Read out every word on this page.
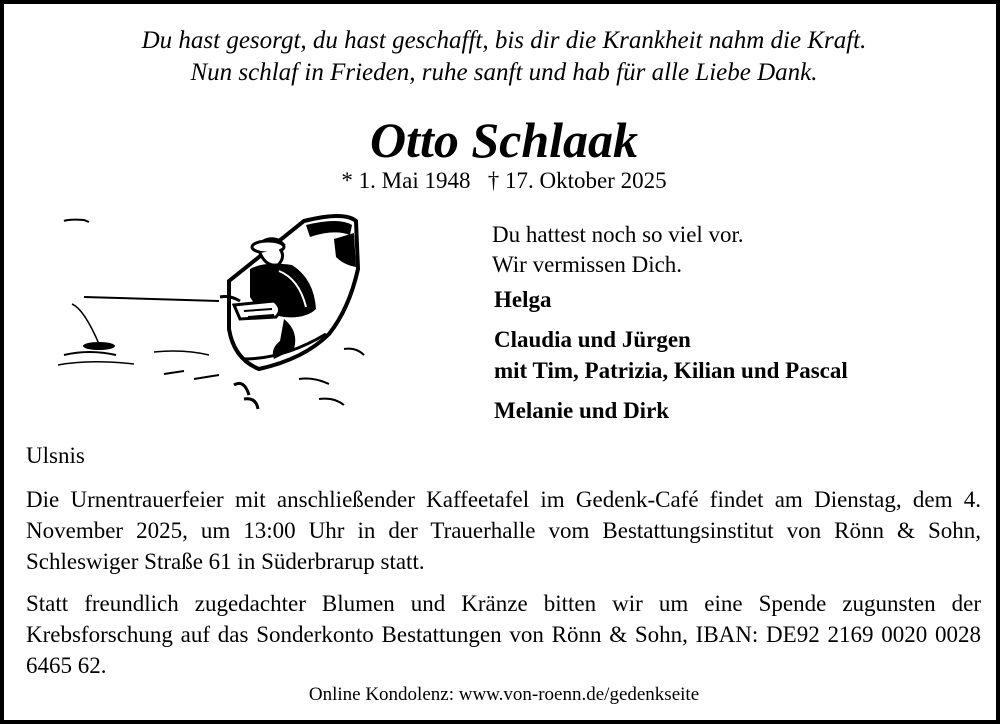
Du hast gesorgt, du hast geschafft, bis dir die Krankheit nahm die Kraft.
Nun schlaf in Frieden, ruhe sanft und hab für alle Liebe Dank.
Otto Schlaak
* 1. Mai 1948   † 17. Oktober 2025
Du hattest noch so viel vor.
Wir vermissen Dich.
Helga
Claudia und Jürgen
mit Tim, Patrizia, Kilian und Pascal
Melanie und Dirk
Ulsnis
Die Urnentrauerfeier mit anschließender Kaffeetafel im Gedenk-Café findet am Dienstag, dem 4. November 2025, um 13:00 Uhr in der Trauerhalle vom Bestattungsinstitut von Rönn & Sohn, Schleswiger Straße 61 in Süderbrarup statt.
Statt freundlich zugedachter Blumen und Kränze bitten wir um eine Spende zugunsten der Krebsforschung auf das Sonderkonto Bestattungen von Rönn & Sohn, IBAN: DE92 2169 0020 0028 6465 62.
Online Kondolenz: www.von-roenn.de/gedenkseite
